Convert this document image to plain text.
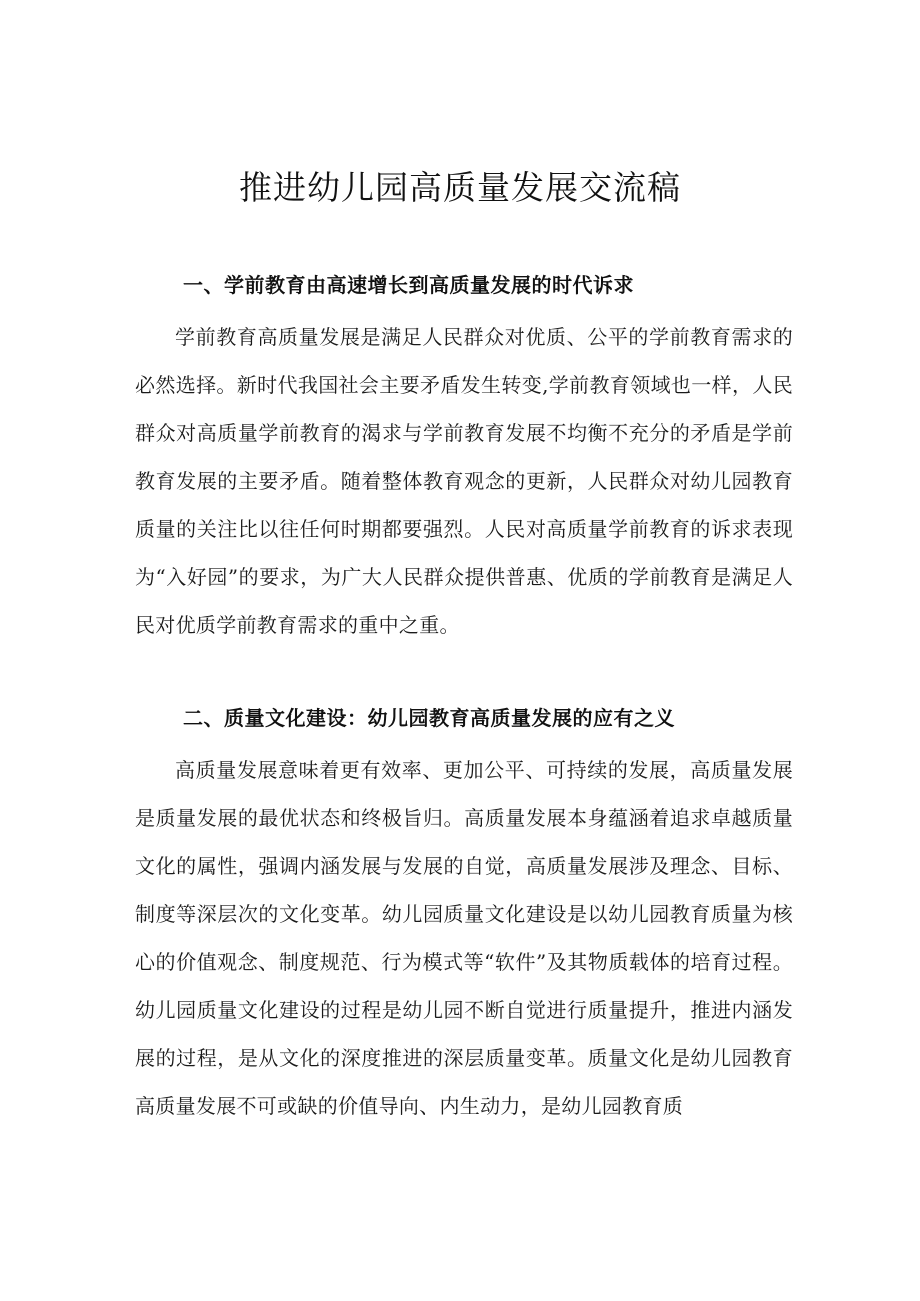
推进幼儿园高质量发展交流稿
一、学前教育由高速增长到高质量发展的时代诉求

学前教育高质量发展是满足人民群众对优质、公平的学前教育需求的必然选择。新时代我国社会主要矛盾发生转变,学前教育领域也一样，人民群众对高质量学前教育的渴求与学前教育发展不均衡不充分的矛盾是学前教育发展的主要矛盾。随着整体教育观念的更新，人民群众对幼儿园教育质量的关注比以往任何时期都要强烈。人民对高质量学前教育的诉求表现为“入好园”的要求，为广大人民群众提供普惠、优质的学前教育是满足人民对优质学前教育需求的重中之重。

二、质量文化建设：幼儿园教育高质量发展的应有之义

高质量发展意味着更有效率、更加公平、可持续的发展，高质量发展是质量发展的最优状态和终极旨归。高质量发展本身蕴涵着追求卓越质量文化的属性，强调内涵发展与发展的自觉，高质量发展涉及理念、目标、制度等深层次的文化变革。幼儿园质量文化建设是以幼儿园教育质量为核心的价值观念、制度规范、行为模式等“软件”及其物质载体的培育过程。幼儿园质量文化建设的过程是幼儿园不断自觉进行质量提升，推进内涵发展的过程，是从文化的深度推进的深层质量变革。质量文化是幼儿园教育高质量发展不可或缺的价值导向、内生动力，是幼儿园教育质
